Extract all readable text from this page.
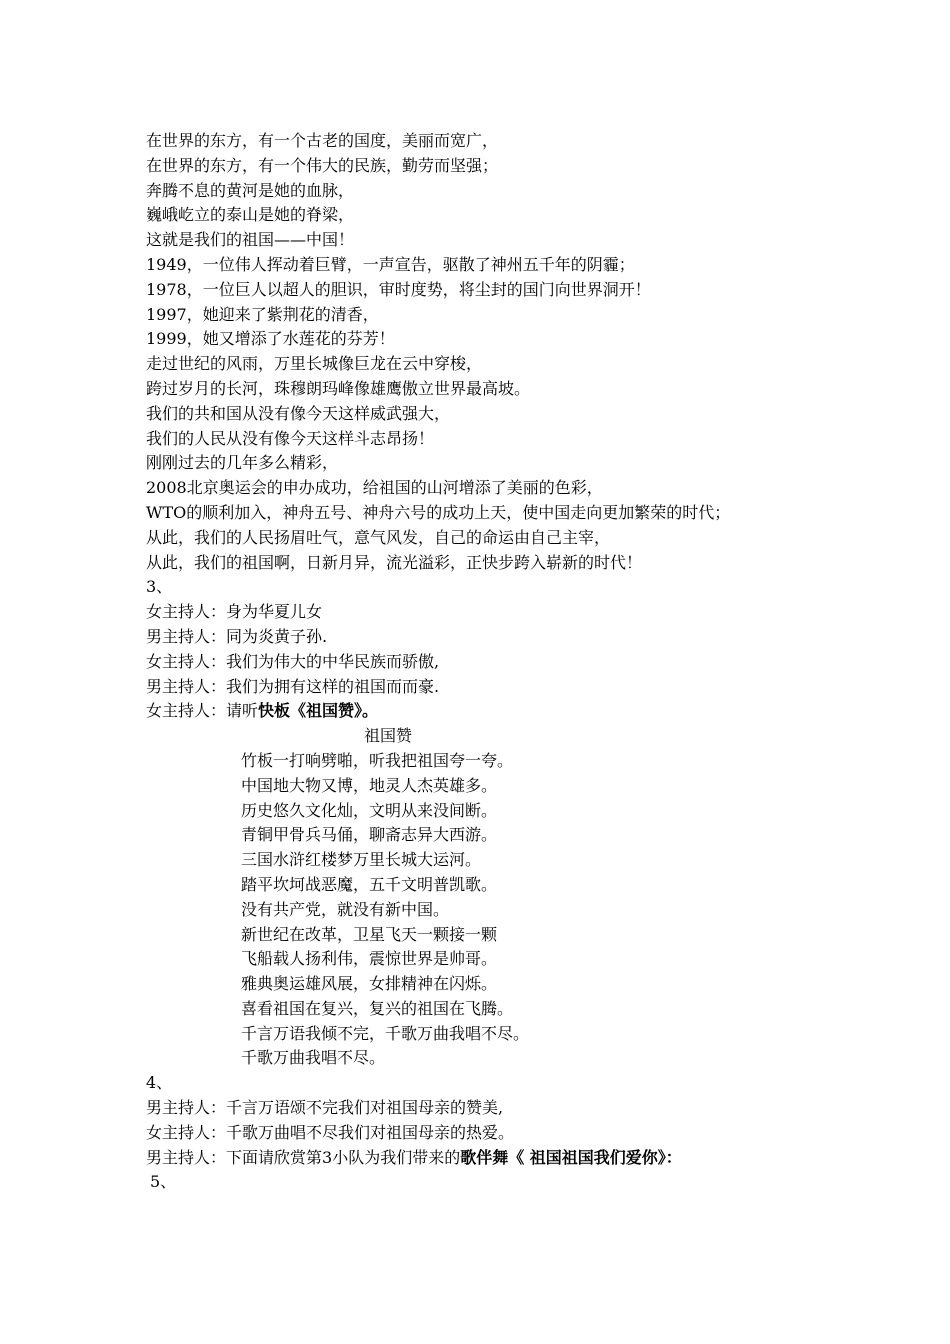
在世界的东方，有一个古老的国度，美丽而宽广，
在世界的东方，有一个伟大的民族，勤劳而坚强；
奔腾不息的黄河是她的血脉，
巍峨屹立的泰山是她的脊梁，
这就是我们的祖国——中国！
1949，一位伟人挥动着巨臂，一声宣告，驱散了神州五千年的阴霾；
1978，一位巨人以超人的胆识，审时度势，将尘封的国门向世界洞开！
1997，她迎来了紫荆花的清香，
1999，她又增添了水莲花的芬芳！
走过世纪的风雨，万里长城像巨龙在云中穿梭，
跨过岁月的长河，珠穆朗玛峰像雄鹰傲立世界最高坡。
我们的共和国从没有像今天这样威武强大，
我们的人民从没有像今天这样斗志昂扬！
刚刚过去的几年多么精彩，
2008北京奥运会的申办成功，给祖国的山河增添了美丽的色彩，
WTO的顺利加入，神舟五号、神舟六号的成功上天，使中国走向更加繁荣的时代；
从此，我们的人民扬眉吐气，意气风发，自己的命运由自己主宰，
从此，我们的祖国啊，日新月异，流光溢彩，正快步跨入崭新的时代！
3、
女主持人：身为华夏儿女
男主持人：同为炎黄子孙.
女主持人：我们为伟大的中华民族而骄傲,
男主持人：我们为拥有这样的祖国而而豪.
女主持人：请听快板《祖国赞》。
祖国赞
竹板一打响劈啪，听我把祖国夸一夸。
中国地大物又博，地灵人杰英雄多。
历史悠久文化灿，文明从来没间断。
青铜甲骨兵马俑，聊斋志异大西游。
三国水浒红楼梦万里长城大运河。
踏平坎坷战恶魔，五千文明普凯歌。
没有共产党，就没有新中国。
新世纪在改革，卫星飞天一颗接一颗
飞船载人扬利伟，震惊世界是帅哥。
雅典奥运雄风展，女排精神在闪烁。
喜看祖国在复兴，复兴的祖国在飞腾。
千言万语我倾不完，千歌万曲我唱不尽。
千歌万曲我唱不尽。
4、
男主持人：千言万语颂不完我们对祖国母亲的赞美,
女主持人：千歌万曲唱不尽我们对祖国母亲的热爱。
男主持人：下面请欣赏第3小队为我们带来的歌伴舞《 祖国祖国我们爱你》：
5、
